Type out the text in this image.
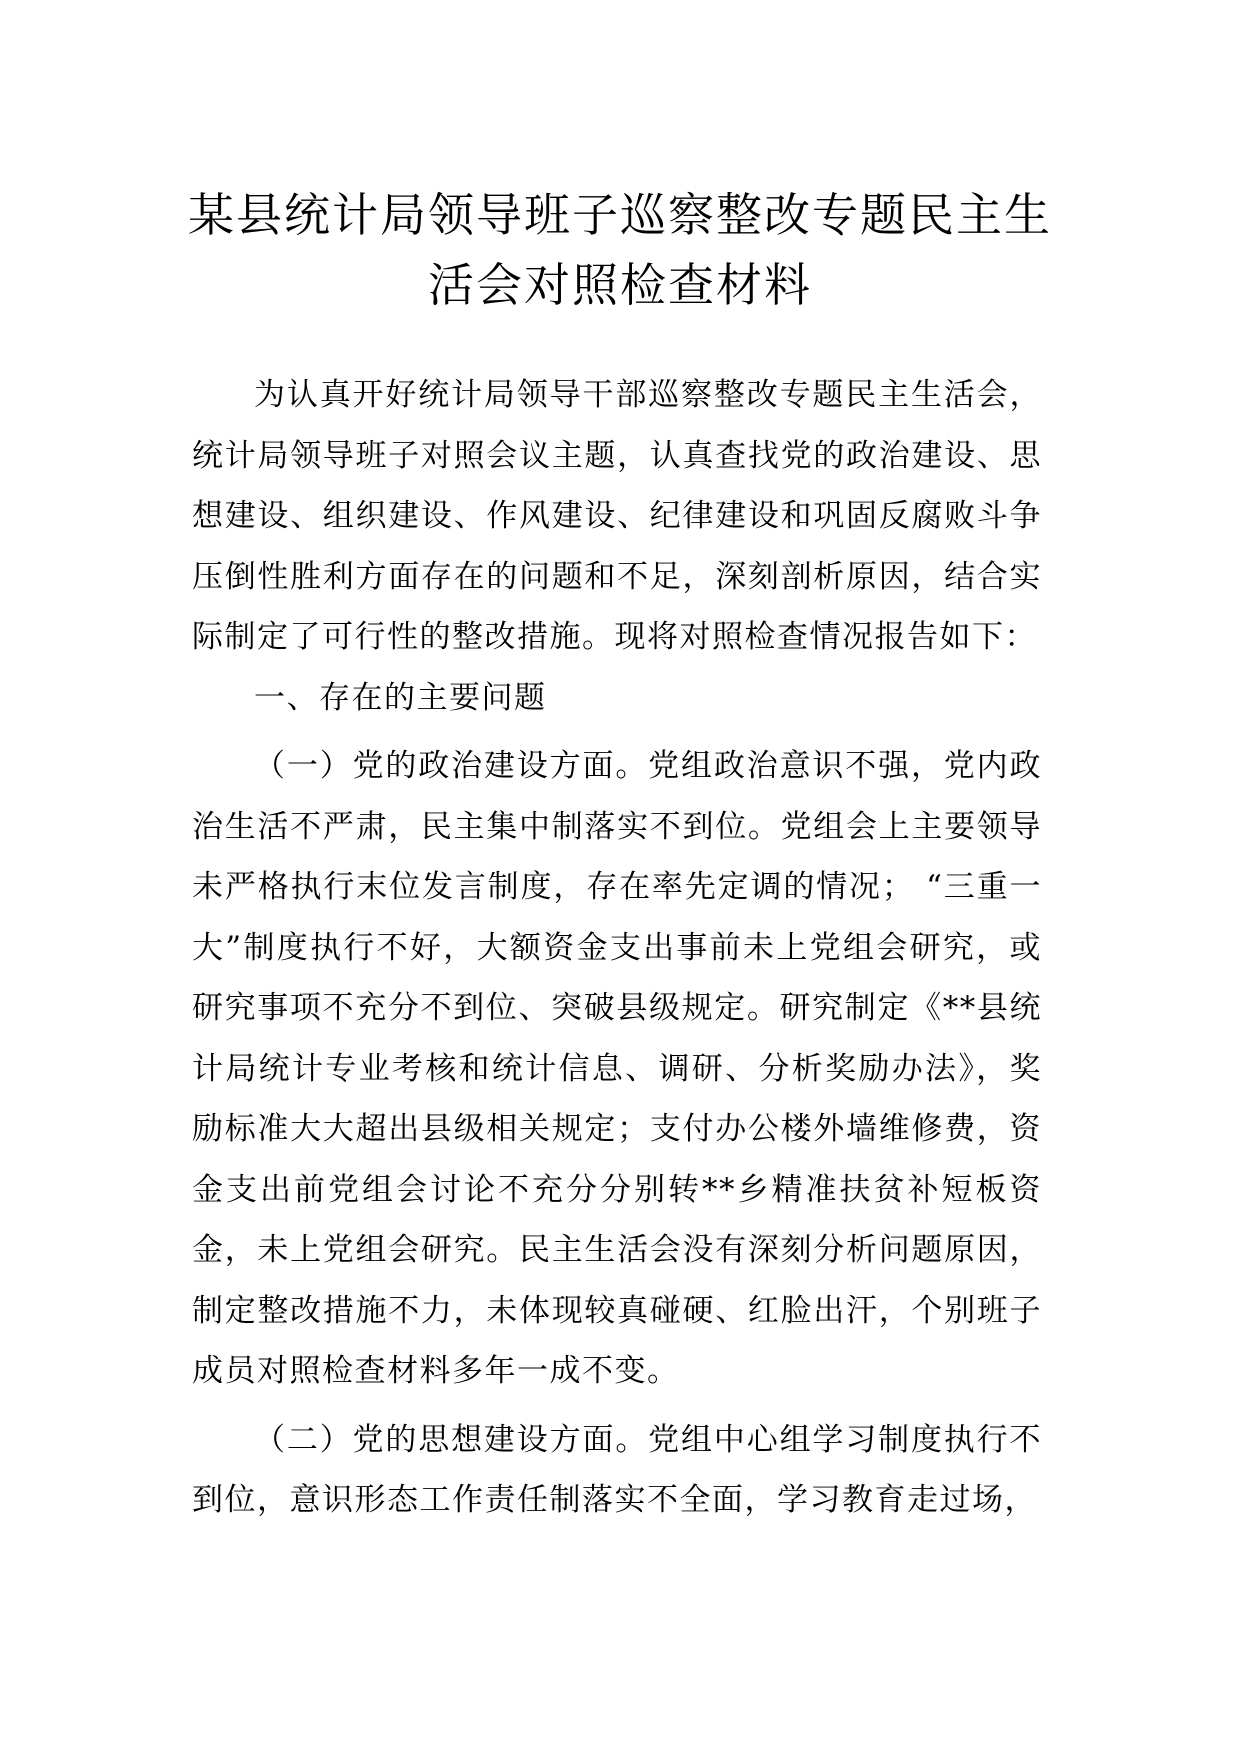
某县统计局领导班子巡察整改专题民主生
活会对照检查材料

为认真开好统计局领导干部巡察整改专题民主生活会，统计局领导班子对照会议主题，认真查找党的政治建设、思想建设、组织建设、作风建设、纪律建设和巩固反腐败斗争压倒性胜利方面存在的问题和不足，深刻剖析原因，结合实际制定了可行性的整改措施。现将对照检查情况报告如下：

一、存在的主要问题

（一）党的政治建设方面。党组政治意识不强，党内政治生活不严肃，民主集中制落实不到位。党组会上主要领导未严格执行末位发言制度，存在率先定调的情况； “三重一大”制度执行不好，大额资金支出事前未上党组会研究，或研究事项不充分不到位、突破县级规定。研究制定《**县统计局统计专业考核和统计信息、调研、分析奖励办法》，奖励标准大大超出县级相关规定；支付办公楼外墙维修费，资金支出前党组会讨论不充分分别转**乡精准扶贫补短板资金，未上党组会研究。民主生活会没有深刻分析问题原因，制定整改措施不力，未体现较真碰硬、红脸出汗，个别班子成员对照检查材料多年一成不变。

（二）党的思想建设方面。党组中心组学习制度执行不到位，意识形态工作责任制落实不全面，学习教育走过场，
